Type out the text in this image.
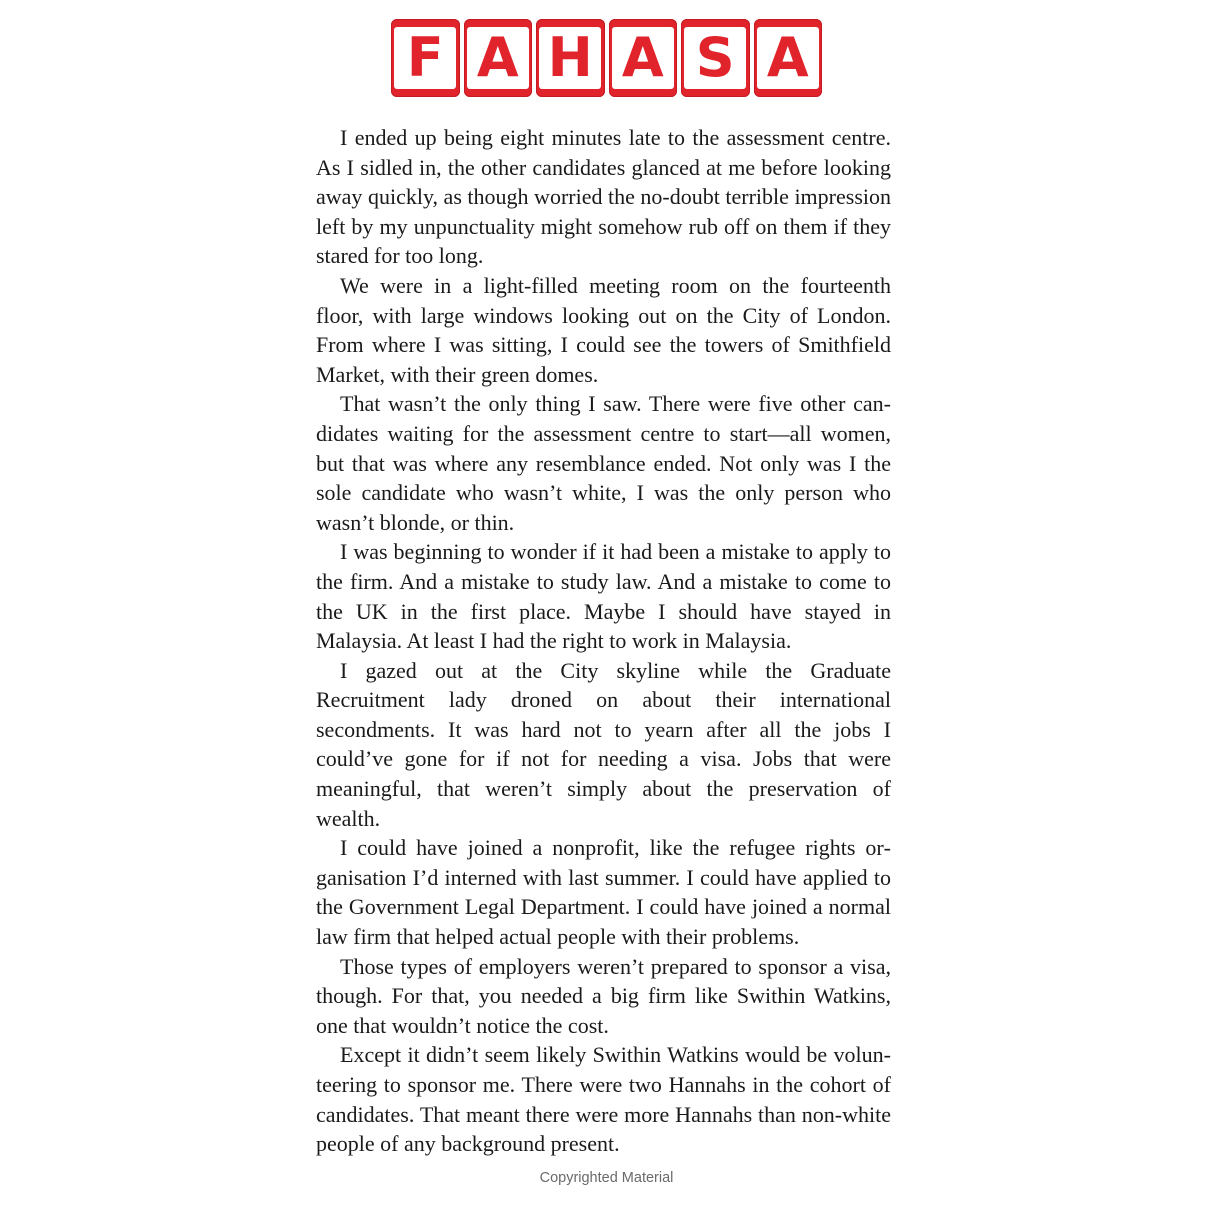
F A H A S A

I ended up being eight minutes late to the assessment centre. As I sidled in, the other candidates glanced at me before looking away quickly, as though worried the no-doubt terrible impression left by my unpunctuality might somehow rub off on them if they stared for too long.

We were in a light-filled meeting room on the fourteenth floor, with large windows looking out on the City of London. From where I was sitting, I could see the towers of Smithfield Market, with their green domes.

That wasn’t the only thing I saw. There were five other candidates waiting for the assessment centre to start—all women, but that was where any resemblance ended. Not only was I the sole candidate who wasn’t white, I was the only person who wasn’t blonde, or thin.

I was beginning to wonder if it had been a mistake to apply to the firm. And a mistake to study law. And a mistake to come to the UK in the first place. Maybe I should have stayed in Malaysia. At least I had the right to work in Malaysia.

I gazed out at the City skyline while the Graduate Recruitment lady droned on about their international secondments. It was hard not to yearn after all the jobs I could’ve gone for if not for needing a visa. Jobs that were meaningful, that weren’t simply about the preservation of wealth.

I could have joined a nonprofit, like the refugee rights organisation I’d interned with last summer. I could have applied to the Government Legal Department. I could have joined a normal law firm that helped actual people with their problems.

Those types of employers weren’t prepared to sponsor a visa, though. For that, you needed a big firm like Swithin Watkins, one that wouldn’t notice the cost.

Except it didn’t seem likely Swithin Watkins would be volunteering to sponsor me. There were two Hannahs in the cohort of candidates. That meant there were more Hannahs than non-white people of any background present.

Copyrighted Material
